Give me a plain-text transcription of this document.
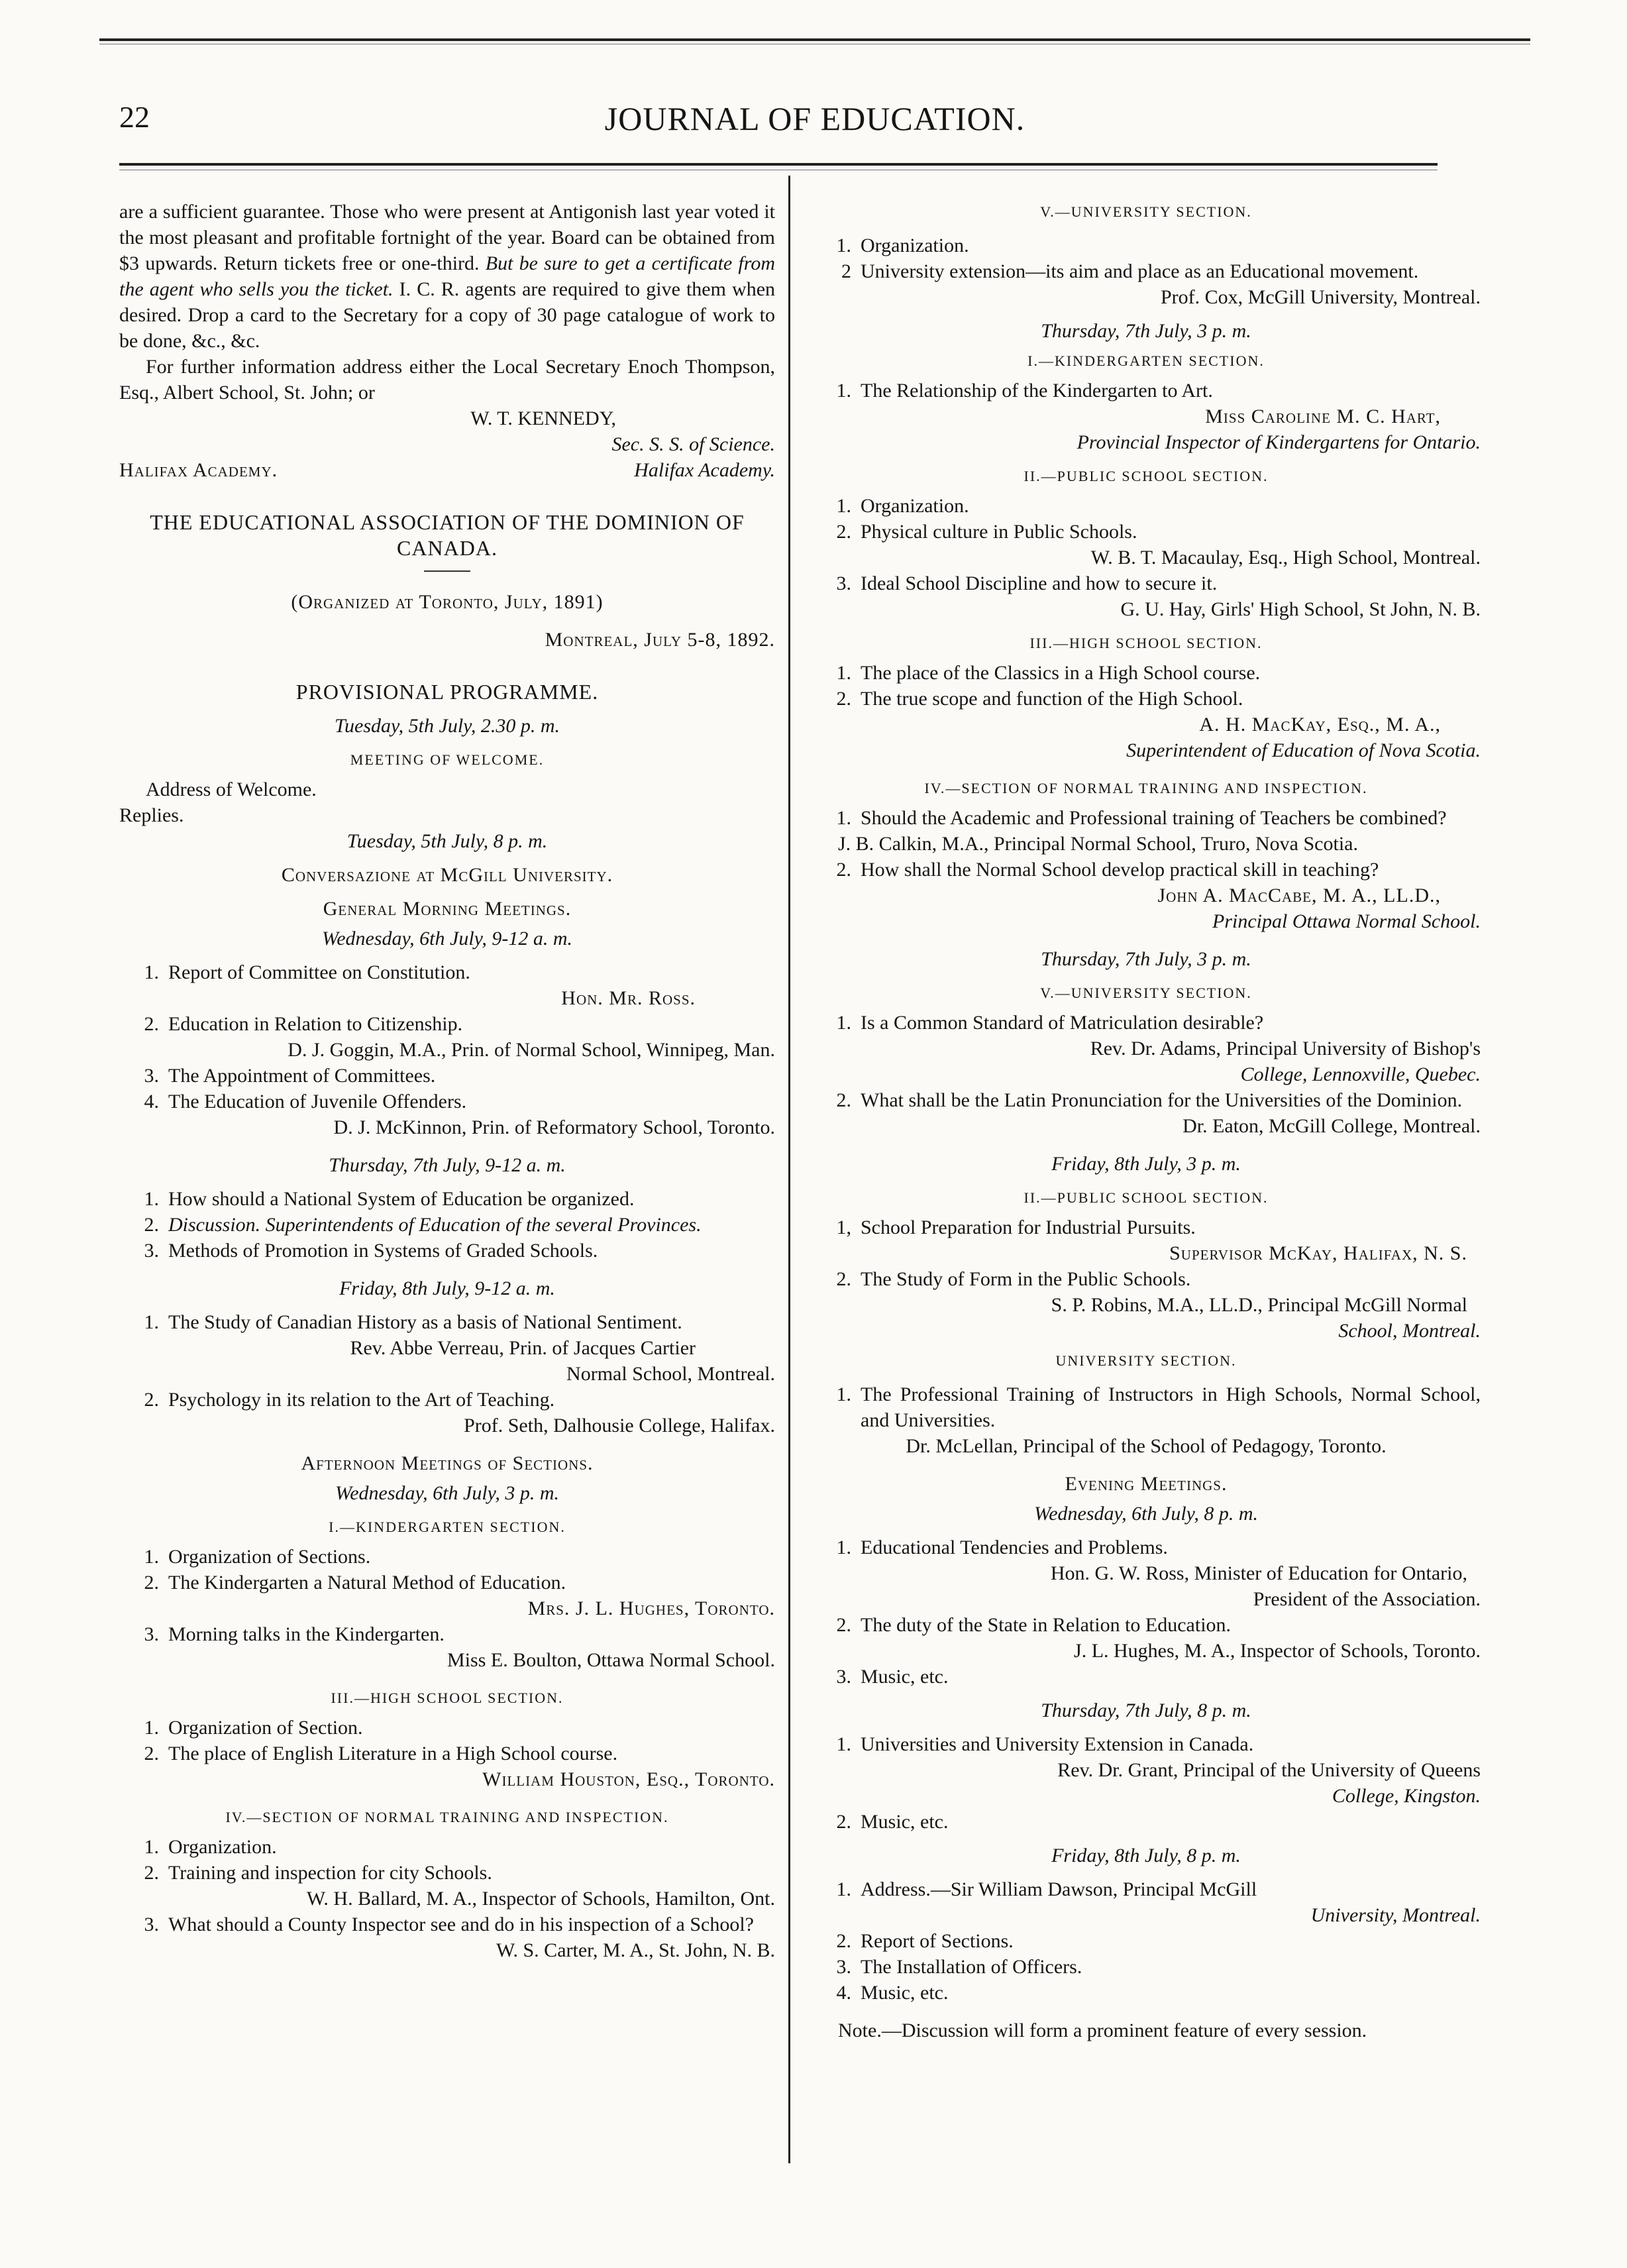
22	JOURNAL OF EDUCATION.

are a sufficient guarantee. Those who were present at Antigonish last year voted it the most pleasant and profitable fortnight of the year. Board can be obtained from $3 upwards. Return tickets free or one-third. But be sure to get a certificate from the agent who sells you the ticket. I. C. R. agents are required to give them when desired. Drop a card to the Secretary for a copy of 30 page catalogue of work to be done, &c., &c.

For further information address either the Local Secretary Enoch Thompson, Esq., Albert School, St. John; or

W. T. KENNEDY,

Sec. S. S. of Science.

Halifax Academy.	Halifax Academy.

THE EDUCATIONAL ASSOCIATION OF THE DOMINION OF CANADA.

(Organized at Toronto, July, 1891)

Montreal, July 5-8, 1892.

PROVISIONAL PROGRAMME.

Tuesday, 5th July, 2.30 p. m.

MEETING OF WELCOME.

Address of Welcome.

Replies.

Tuesday, 5th July, 8 p. m.

Conversazione at McGill University.

General Morning Meetings.

Wednesday, 6th July, 9-12 a. m.

1. Report of Committee on Constitution.

Hon. Mr. Ross.

2. Education in Relation to Citizenship.

D. J. Goggin, M.A., Prin. of Normal School, Winnipeg, Man.

3. The Appointment of Committees.
4. The Education of Juvenile Offenders.

D. J. McKinnon, Prin. of Reformatory School, Toronto.

Thursday, 7th July, 9-12 a. m.

1. How should a National System of Education be organized.
2. Discussion. Superintendents of Education of the several Provinces.
3. Methods of Promotion in Systems of Graded Schools.

Friday, 8th July, 9-12 a. m.

1. The Study of Canadian History as a basis of National Sentiment.

Rev. Abbe Verreau, Prin. of Jacques Cartier

Normal School, Montreal.

2. Psychology in its relation to the Art of Teaching.

Prof. Seth, Dalhousie College, Halifax.

Afternoon Meetings of Sections.

Wednesday, 6th July, 3 p. m.

I.—KINDERGARTEN SECTION.

1. Organization of Sections.
2. The Kindergarten a Natural Method of Education.

Mrs. J. L. Hughes, Toronto.

3. Morning talks in the Kindergarten.

Miss E. Boulton, Ottawa Normal School.

III.—HIGH SCHOOL SECTION.

1. Organization of Section.
2. The place of English Literature in a High School course.

William Houston, Esq., Toronto.

IV.—SECTION OF NORMAL TRAINING AND INSPECTION.

1. Organization.
2. Training and inspection for city Schools.

W. H. Ballard, M. A., Inspector of Schools, Hamilton, Ont.

3. What should a County Inspector see and do in his inspection of a School?

W. S. Carter, M. A., St. John, N. B.

V.—UNIVERSITY SECTION.

1. Organization.
2 University extension—its aim and place as an Educational movement.

Prof. Cox, McGill University, Montreal.

Thursday, 7th July, 3 p. m.

I.—KINDERGARTEN SECTION.

1. The Relationship of the Kindergarten to Art.

Miss Caroline M. C. Hart,

Provincial Inspector of Kindergartens for Ontario.

II.—PUBLIC SCHOOL SECTION.

1. Organization.
2. Physical culture in Public Schools.

W. B. T. Macaulay, Esq., High School, Montreal.

3. Ideal School Discipline and how to secure it.

G. U. Hay, Girls' High School, St John, N. B.

III.—HIGH SCHOOL SECTION.

1. The place of the Classics in a High School course.
2. The true scope and function of the High School.

A. H. MacKay, Esq., M. A.,

Superintendent of Education of Nova Scotia.

IV.—SECTION OF NORMAL TRAINING AND INSPECTION.

1. Should the Academic and Professional training of Teachers be combined?

J. B. Calkin, M.A., Principal Normal School, Truro, Nova Scotia.

2. How shall the Normal School develop practical skill in teaching?

John A. MacCabe, M. A., LL.D.,

Principal Ottawa Normal School.

Thursday, 7th July, 3 p. m.

V.—UNIVERSITY SECTION.

1. Is a Common Standard of Matriculation desirable?

Rev. Dr. Adams, Principal University of Bishop's

College, Lennoxville, Quebec.

2. What shall be the Latin Pronunciation for the Universities of the Dominion.

Dr. Eaton, McGill College, Montreal.

Friday, 8th July, 3 p. m.

II.—PUBLIC SCHOOL SECTION.

1, School Preparation for Industrial Pursuits.

Supervisor McKay, Halifax, N. S.

2. The Study of Form in the Public Schools.

S. P. Robins, M.A., LL.D., Principal McGill Normal

School, Montreal.

UNIVERSITY SECTION.

1. The Professional Training of Instructors in High Schools, Normal School, and Universities.

Dr. McLellan, Principal of the School of Pedagogy, Toronto.

Evening Meetings.

Wednesday, 6th July, 8 p. m.

1. Educational Tendencies and Problems.

Hon. G. W. Ross, Minister of Education for Ontario,

President of the Association.

2. The duty of the State in Relation to Education.

J. L. Hughes, M. A., Inspector of Schools, Toronto.

3. Music, etc.

Thursday, 7th July, 8 p. m.

1. Universities and University Extension in Canada.

Rev. Dr. Grant, Principal of the University of Queens

College, Kingston.

2. Music, etc.

Friday, 8th July, 8 p. m.

1. Address.—Sir William Dawson, Principal McGill

University, Montreal.

2. Report of Sections.
3. The Installation of Officers.
4. Music, etc.

Note.—Discussion will form a prominent feature of every session.
